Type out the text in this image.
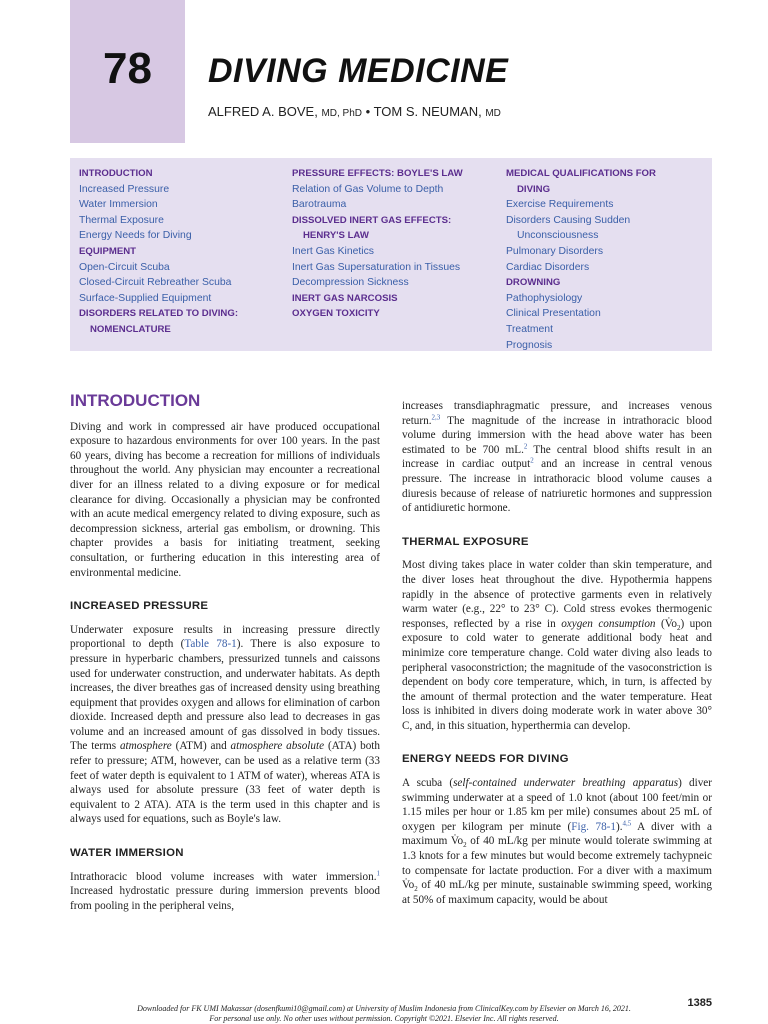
78	DIVING MEDICINE
ALFRED A. BOVE, MD, PhD • TOM S. NEUMAN, MD
INTRODUCTION
Increased Pressure
Water Immersion
Thermal Exposure
Energy Needs for Diving
EQUIPMENT
Open-Circuit Scuba
Closed-Circuit Rebreather Scuba
Surface-Supplied Equipment
DISORDERS RELATED TO DIVING:
NOMENCLATURE
PRESSURE EFFECTS: BOYLE'S LAW
Relation of Gas Volume to Depth
Barotrauma
DISSOLVED INERT GAS EFFECTS:
HENRY'S LAW
Inert Gas Kinetics
Inert Gas Supersaturation in Tissues
Decompression Sickness
INERT GAS NARCOSIS
OXYGEN TOXICITY
MEDICAL QUALIFICATIONS FOR
DIVING
Exercise Requirements
Disorders Causing Sudden
Unconsciousness
Pulmonary Disorders
Cardiac Disorders
DROWNING
Pathophysiology
Clinical Presentation
Treatment
Prognosis

INTRODUCTION

Diving and work in compressed air have produced occupational exposure to hazardous environments for over 100 years. In the past 60 years, diving has become a recreation for millions of individuals throughout the world. Any physician may encounter a recreational diver for an illness related to a diving exposure or for medical clearance for diving. Occasionally a physician may be confronted with an acute medical emergency related to diving exposure, such as decompression sickness, arterial gas embolism, or drowning. This chapter provides a basis for initiating treatment, seeking consultation, or furthering education in this interesting area of environmental medicine.

INCREASED PRESSURE

Underwater exposure results in increasing pressure directly proportional to depth (Table 78-1). There is also exposure to pressure in hyperbaric chambers, pressurized tunnels and caissons used for underwater construction, and underwater habitats. As depth increases, the diver breathes gas of increased density using breathing equipment that provides oxygen and allows for elimination of carbon dioxide. Increased depth and pressure also lead to decreases in gas volume and an increased amount of gas dissolved in body tissues. The terms atmosphere (ATM) and atmosphere absolute (ATA) both refer to pressure; ATM, however, can be used as a relative term (33 feet of water depth is equivalent to 1 ATM of water), whereas ATA is always used for absolute pressure (33 feet of water depth is equivalent to 2 ATA). ATA is the term used in this chapter and is always used for equations, such as Boyle's law.

WATER IMMERSION

Intrathoracic blood volume increases with water immersion.$^1$ Increased hydrostatic pressure during immersion prevents blood from pooling in the peripheral veins,

increases transdiaphragmatic pressure, and increases venous return.$^{2,3}$ The magnitude of the increase in intrathoracic blood volume during immersion with the head above water has been estimated to be 700 mL.$^2$ The central blood shifts result in an increase in cardiac output$^2$ and an increase in central venous pressure. The increase in intrathoracic blood volume causes a diuresis because of release of natriuretic hormones and suppression of antidiuretic hormone.

THERMAL EXPOSURE

Most diving takes place in water colder than skin temperature, and the diver loses heat throughout the dive. Hypothermia happens rapidly in the absence of protective garments even in relatively warm water (e.g., 22° to 23° C). Cold stress evokes thermogenic responses, reflected by a rise in oxygen consumption $(V̇o_2)$ upon exposure to cold water to generate additional body heat and minimize core temperature change. Cold water diving also leads to peripheral vasoconstriction; the magnitude of the vasoconstriction is dependent on body core temperature, which, in turn, is affected by the amount of thermal protection and the water temperature. Heat loss is inhibited in divers doing moderate work in water above 30° C, and, in this situation, hyperthermia can develop.

ENERGY NEEDS FOR DIVING

A scuba (self-contained underwater breathing apparatus) diver swimming underwater at a speed of 1.0 knot (about 100 feet/min or 1.15 miles per hour or 1.85 km per mile) consumes about 25 mL of oxygen per kilogram per minute (Fig. 78-1).$^{4,5}$ A diver with a maximum $V̇o_2$ of 40 mL/kg per minute would tolerate swimming at 1.3 knots for a few minutes but would become extremely tachypneic to compensate for lactate production. For a diver with a maximum $V̇o_2$ of 40 mL/kg per minute, sustainable swimming speed, working at 50% of maximum capacity, would be about

1385
Downloaded for FK UMI Makassar (dosenfkumi10@gmail.com) at University of Muslim Indonesia from ClinicalKey.com by Elsevier on March 16, 2021.
For personal use only. No other uses without permission. Copyright ©2021. Elsevier Inc. All rights reserved.
